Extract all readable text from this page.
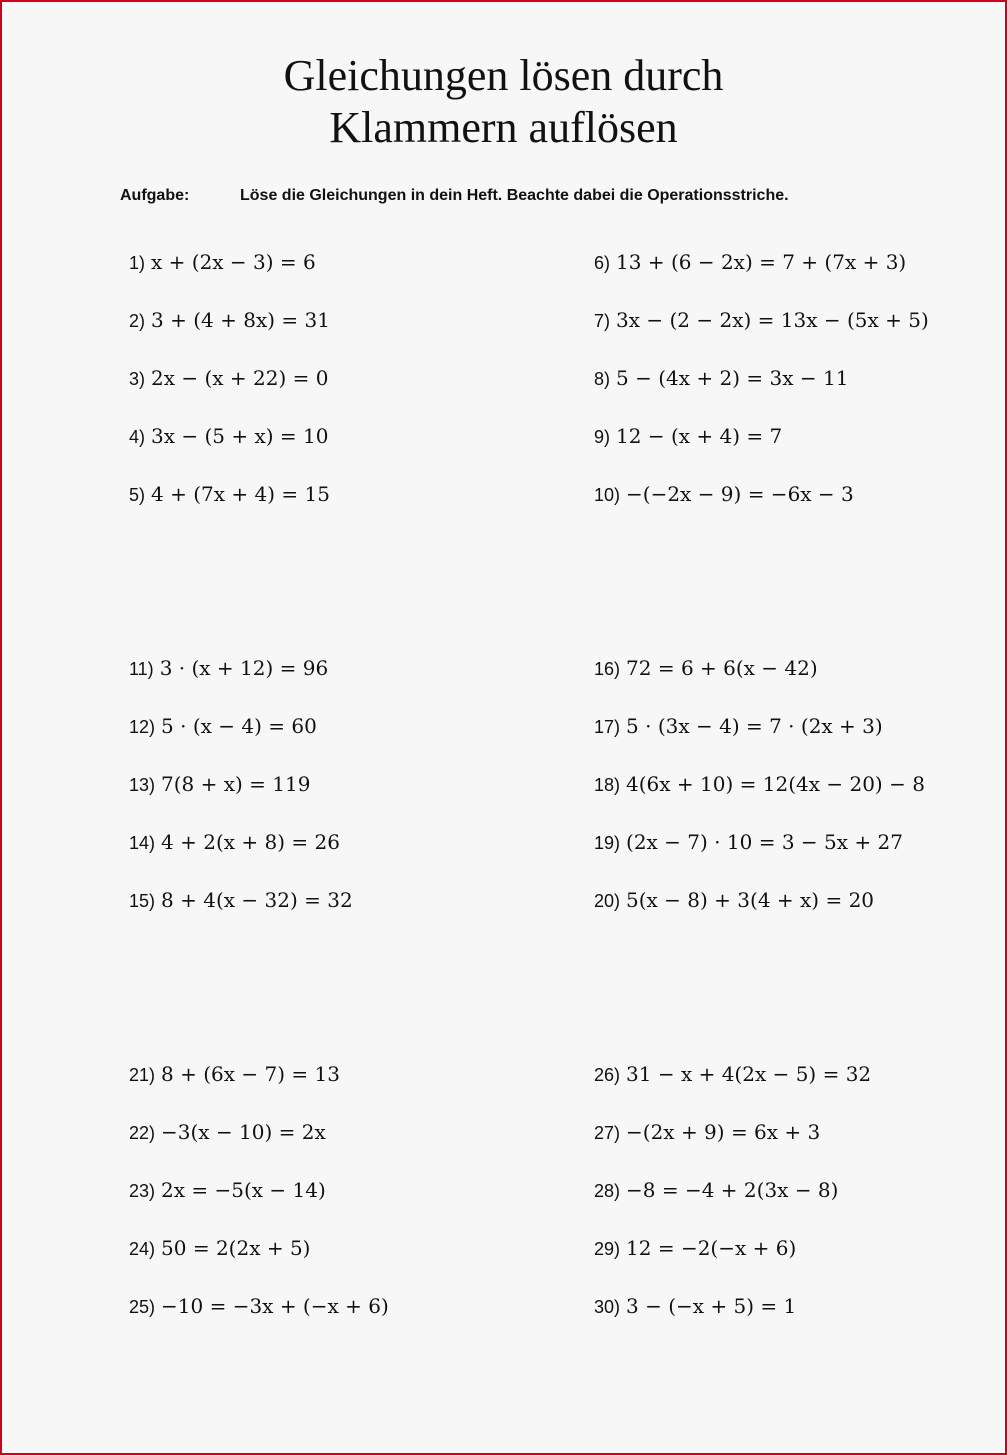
Gleichungen lösen durch
Klammern auflösen
Aufgabe:	Löse die Gleichungen in dein Heft. Beachte dabei die Operationsstriche.
1) x + (2x − 3) = 6	6) 13 + (6 − 2x) = 7 + (7x + 3)
2) 3 + (4 + 8x) = 31	7) 3x − (2 − 2x) = 13x − (5x + 5)
3) 2x − (x + 22) = 0	8) 5 − (4x + 2) = 3x − 11
4) 3x − (5 + x) = 10	9) 12 − (x + 4) = 7
5) 4 + (7x + 4) = 15	10) −(−2x − 9) = −6x − 3
11) 3 · (x + 12) = 96	16) 72 = 6 + 6(x − 42)
12) 5 · (x − 4) = 60	17) 5 · (3x − 4) = 7 · (2x + 3)
13) 7(8 + x) = 119	18) 4(6x + 10) = 12(4x − 20) − 8
14) 4 + 2(x + 8) = 26	19) (2x − 7) · 10 = 3 − 5x + 27
15) 8 + 4(x − 32) = 32	20) 5(x − 8) + 3(4 + x) = 20
21) 8 + (6x − 7) = 13	26) 31 − x + 4(2x − 5) = 32
22) −3(x − 10) = 2x	27) −(2x + 9) = 6x + 3
23) 2x = −5(x − 14)	28) −8 = −4 + 2(3x − 8)
24) 50 = 2(2x + 5)	29) 12 = −2(−x + 6)
25) −10 = −3x + (−x + 6)	30) 3 − (−x + 5) = 1
